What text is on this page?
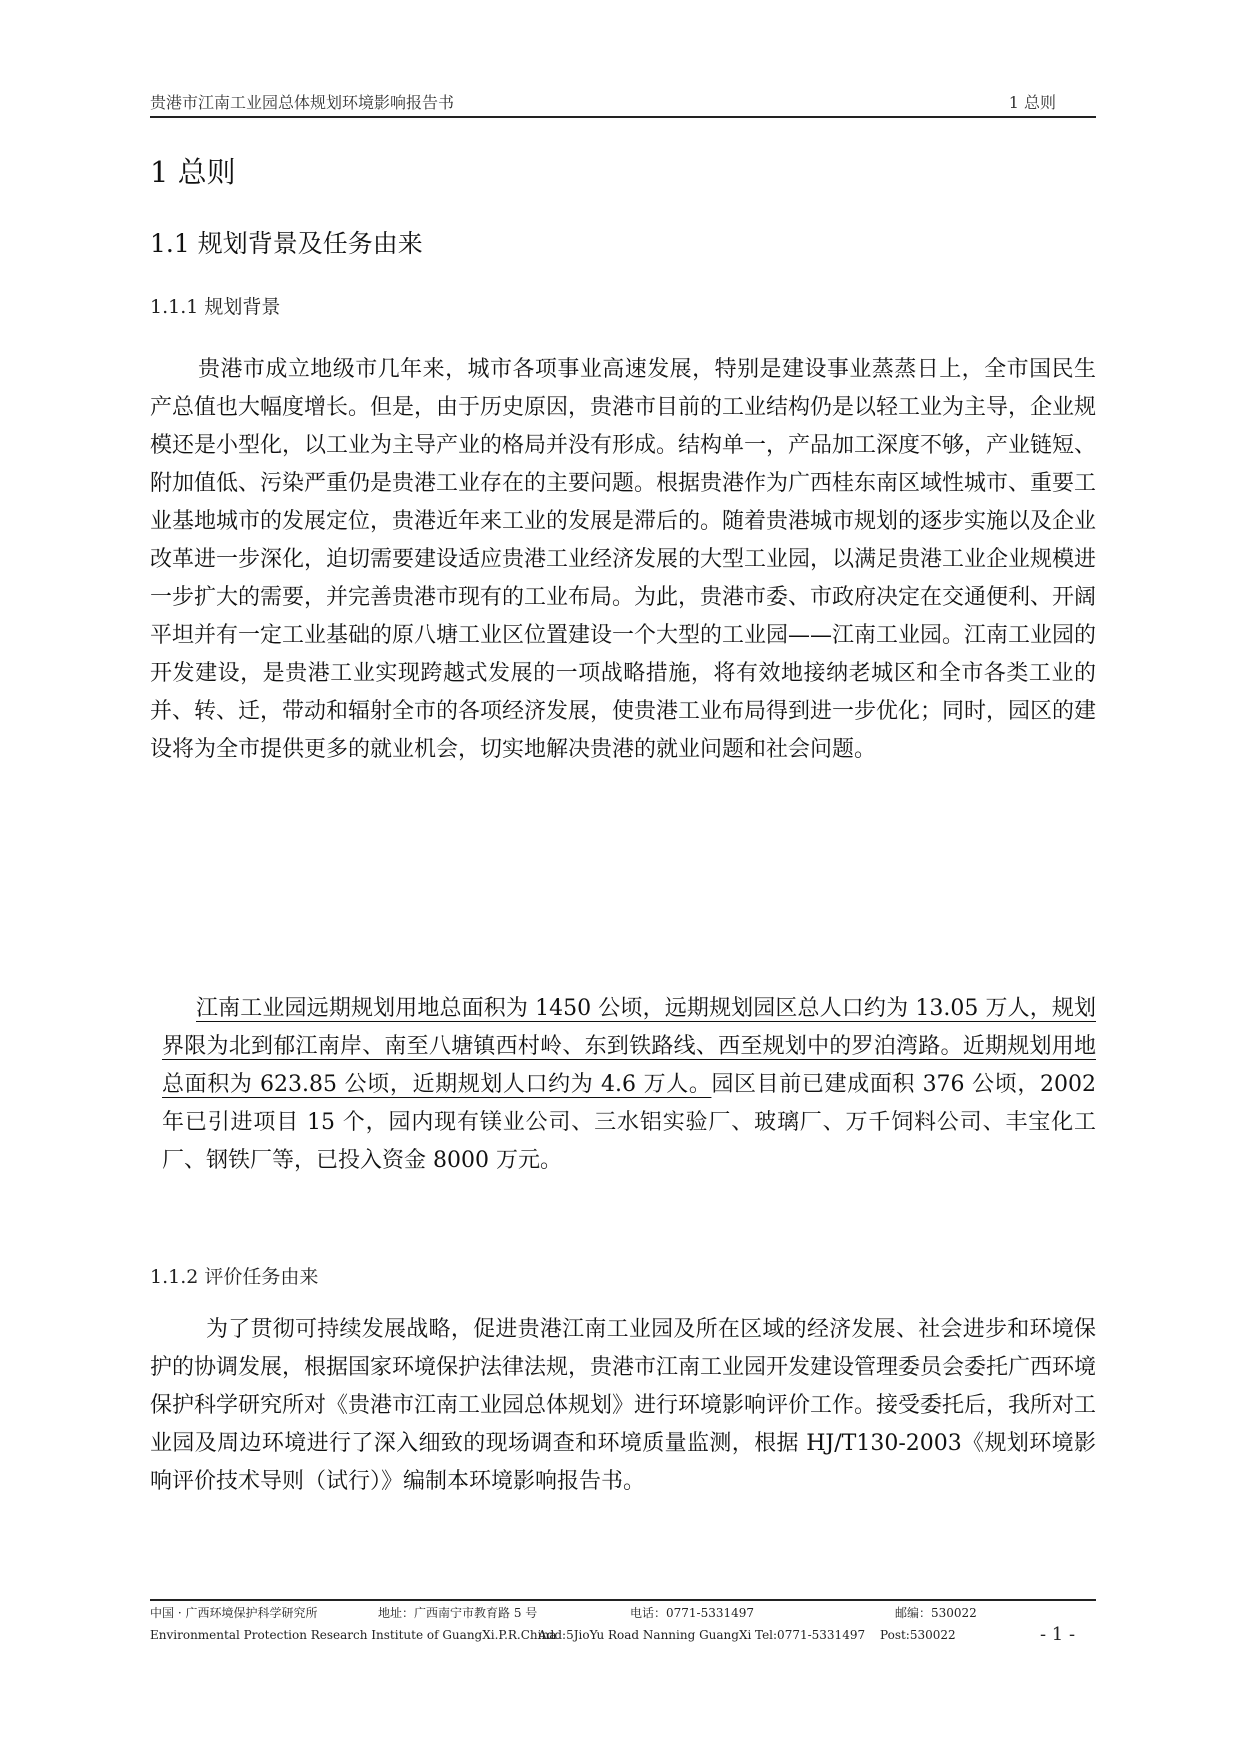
贵港市江南工业园总体规划环境影响报告书	1 总则
1 总则
1.1 规划背景及任务由来
1.1.1 规划背景

贵港市成立地级市几年来，城市各项事业高速发展，特别是建设事业蒸蒸日上，全市国民生产总值也大幅度增长。但是，由于历史原因，贵港市目前的工业结构仍是以轻工业为主导，企业规模还是小型化，以工业为主导产业的格局并没有形成。结构单一，产品加工深度不够，产业链短、附加值低、污染严重仍是贵港工业存在的主要问题。根据贵港作为广西桂东南区域性城市、重要工业基地城市的发展定位，贵港近年来工业的发展是滞后的。随着贵港城市规划的逐步实施以及企业改革进一步深化，迫切需要建设适应贵港工业经济发展的大型工业园，以满足贵港工业企业规模进一步扩大的需要，并完善贵港市现有的工业布局。为此，贵港市委、市政府决定在交通便利、开阔平坦并有一定工业基础的原八塘工业区位置建设一个大型的工业园——江南工业园。江南工业园的开发建设，是贵港工业实现跨越式发展的一项战略措施，将有效地接纳老城区和全市各类工业的并、转、迁，带动和辐射全市的各项经济发展，使贵港工业布局得到进一步优化；同时，园区的建设将为全市提供更多的就业机会，切实地解决贵港的就业问题和社会问题。

江南工业园远期规划用地总面积为 1450 公顷，远期规划园区总人口约为 13.05 万人，规划界限为北到郁江南岸、南至八塘镇西村岭、东到铁路线、西至规划中的罗泊湾路。近期规划用地总面积为 623.85 公顷，近期规划人口约为 4.6 万人。园区目前已建成面积 376 公顷，2002 年已引进项目 15 个，园内现有镁业公司、三水铝实验厂、玻璃厂、万千饲料公司、丰宝化工厂、钢铁厂等，已投入资金 8000 万元。

1.1.2 评价任务由来

为了贯彻可持续发展战略，促进贵港江南工业园及所在区域的经济发展、社会进步和环境保护的协调发展，根据国家环境保护法律法规，贵港市江南工业园开发建设管理委员会委托广西环境保护科学研究所对《贵港市江南工业园总体规划》进行环境影响评价工作。接受委托后，我所对工业园及周边环境进行了深入细致的现场调查和环境质量监测，根据 HJ/T130-2003《规划环境影响评价技术导则（试行）》编制本环境影响报告书。

中国 · 广西环境保护科学研究所	地址：广西南宁市教育路 5 号	电话：0771-5331497	邮编：530022
Environmental Protection Research Institute of GuangXi.P.R.China
Add:5JioYu Road Nanning GuangXi Tel:0771-5331497 Post:530022	- 1 -
